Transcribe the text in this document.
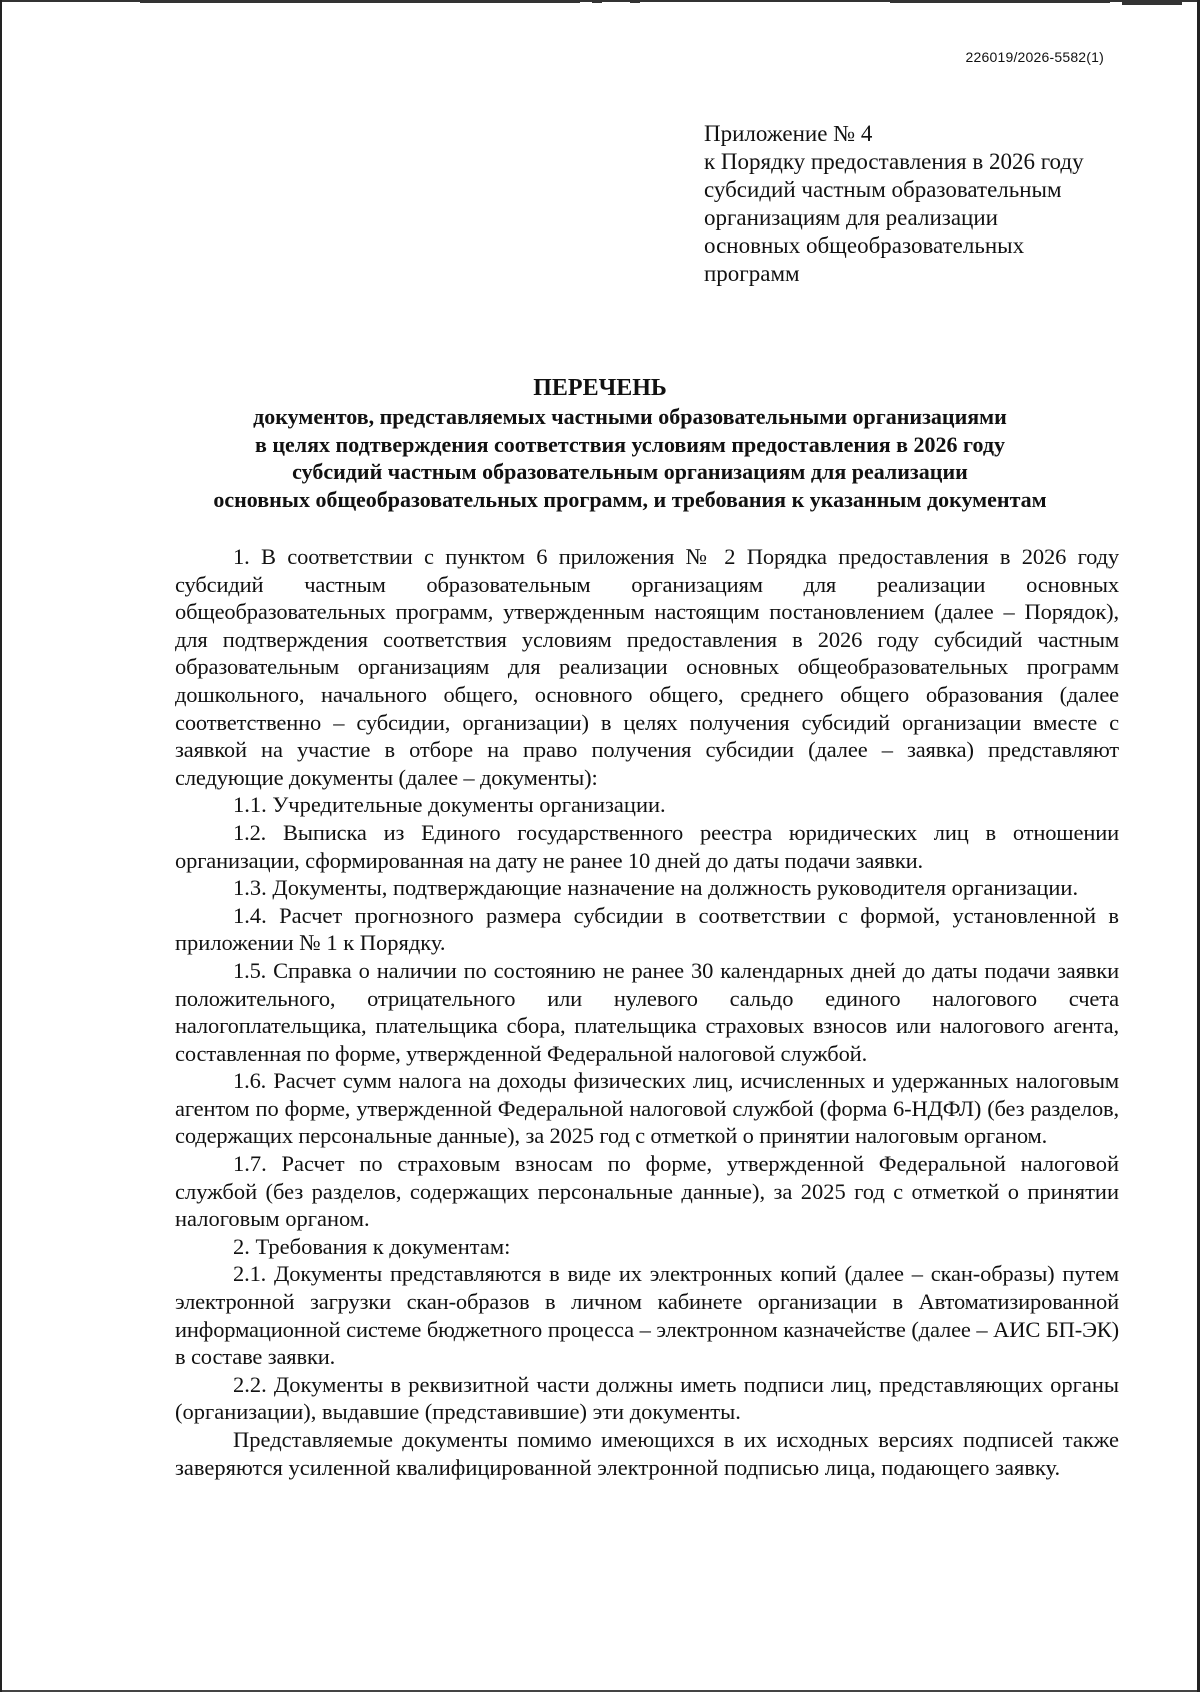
226019/2026-5582(1)
Приложение № 4
к Порядку предоставления в 2026 году
субсидий частным образовательным
организациям для реализации
основных общеобразовательных
программ
ПЕРЕЧЕНЬ
документов, представляемых частными образовательными организациями
в целях подтверждения соответствия условиям предоставления в 2026 году
субсидий частным образовательным организациям для реализации
основных общеобразовательных программ, и требования к указанным документам

1. В соответствии с пунктом 6 приложения № 2 Порядка предоставления в 2026 году субсидий частным образовательным организациям для реализации основных общеобразовательных программ, утвержденным настоящим постановлением (далее – Порядок), для подтверждения соответствия условиям предоставления в 2026 году субсидий частным образовательным организациям для реализации основных общеобразовательных программ дошкольного, начального общего, основного общего, среднего общего образования (далее соответственно – субсидии, организации) в целях получения субсидий организации вместе с заявкой на участие в отборе на право получения субсидии (далее – заявка) представляют следующие документы (далее – документы):

1.1. Учредительные документы организации.

1.2. Выписка из Единого государственного реестра юридических лиц в отношении организации, сформированная на дату не ранее 10 дней до даты подачи заявки.

1.3. Документы, подтверждающие назначение на должность руководителя организации.

1.4. Расчет прогнозного размера субсидии в соответствии с формой, установленной в приложении № 1 к Порядку.

1.5. Справка о наличии по состоянию не ранее 30 календарных дней до даты подачи заявки положительного, отрицательного или нулевого сальдо единого налогового счета налогоплательщика, плательщика сбора, плательщика страховых взносов или налогового агента, составленная по форме, утвержденной Федеральной налоговой службой.

1.6. Расчет сумм налога на доходы физических лиц, исчисленных и удержанных налоговым агентом по форме, утвержденной Федеральной налоговой службой (форма 6-НДФЛ) (без разделов, содержащих персональные данные), за 2025 год с отметкой о принятии налоговым органом.

1.7. Расчет по страховым взносам по форме, утвержденной Федеральной налоговой службой (без разделов, содержащих персональные данные), за 2025 год с отметкой о принятии налоговым органом.

2. Требования к документам:

2.1. Документы представляются в виде их электронных копий (далее – скан-образы) путем электронной загрузки скан-образов в личном кабинете организации в Автоматизированной информационной системе бюджетного процесса – электронном казначействе (далее – АИС БП-ЭК) в составе заявки.

2.2. Документы в реквизитной части должны иметь подписи лиц, представляющих органы (организации), выдавшие (представившие) эти документы.

Представляемые документы помимо имеющихся в их исходных версиях подписей также заверяются усиленной квалифицированной электронной подписью лица, подающего заявку.
